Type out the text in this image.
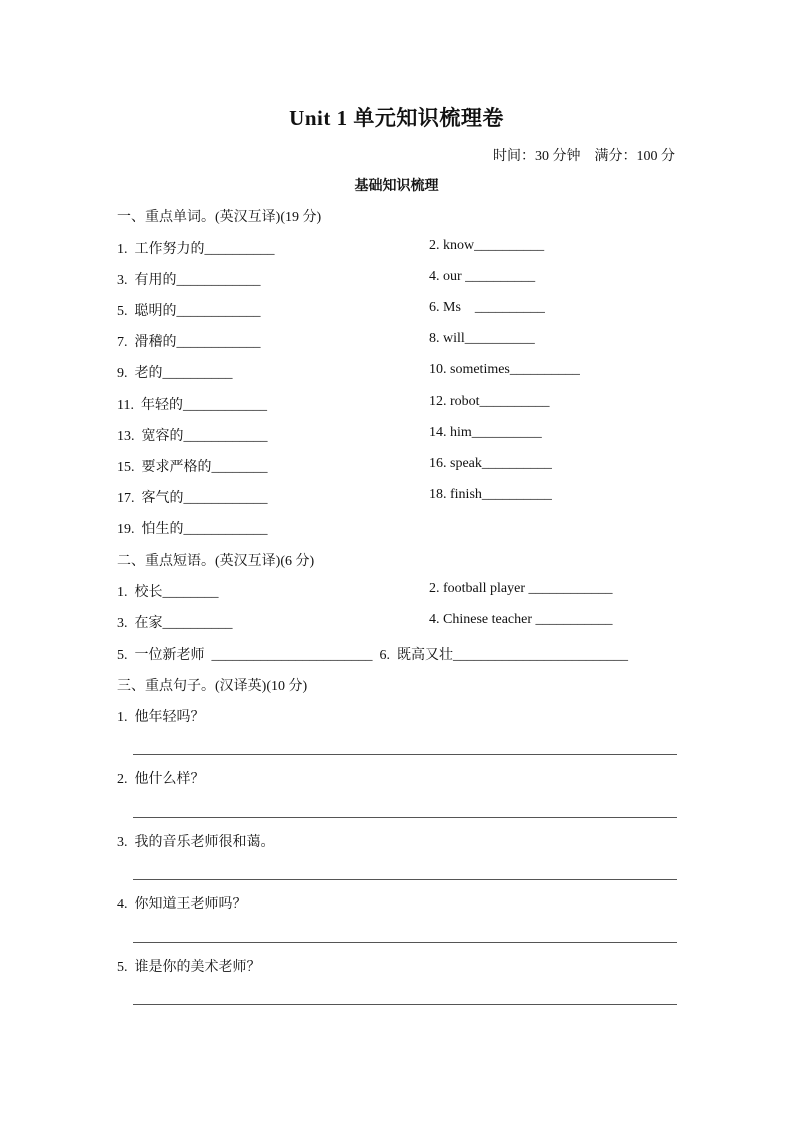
Unit 1 单元知识梳理卷
时间：30 分钟    满分：100 分
基础知识梳理
一、重点单词。(英汉互译)(19 分)
1.  工作努力的__________	2. know__________
3.  有用的____________	4. our __________
5.  聪明的____________	6. Ms    __________
7.  滑稽的____________	8. will__________
9.  老的__________	10. sometimes__________
11.  年轻的____________	12. robot__________
13.  宽容的____________	14. him__________
15.  要求严格的________	16. speak__________
17.  客气的____________	18. finish__________
19.  怕生的____________
二、重点短语。(英汉互译)(6 分)
1.  校长________	2. football player ____________
3.  在家__________	4. Chinese teacher ___________
5.  一位新老师  _______________________  6.  既高又壮_________________________
三、重点句子。(汉译英)(10 分)
1.  他年轻吗？
2.  他什么样？
3.  我的音乐老师很和蔼。
4.  你知道王老师吗？
5.  谁是你的美术老师？
